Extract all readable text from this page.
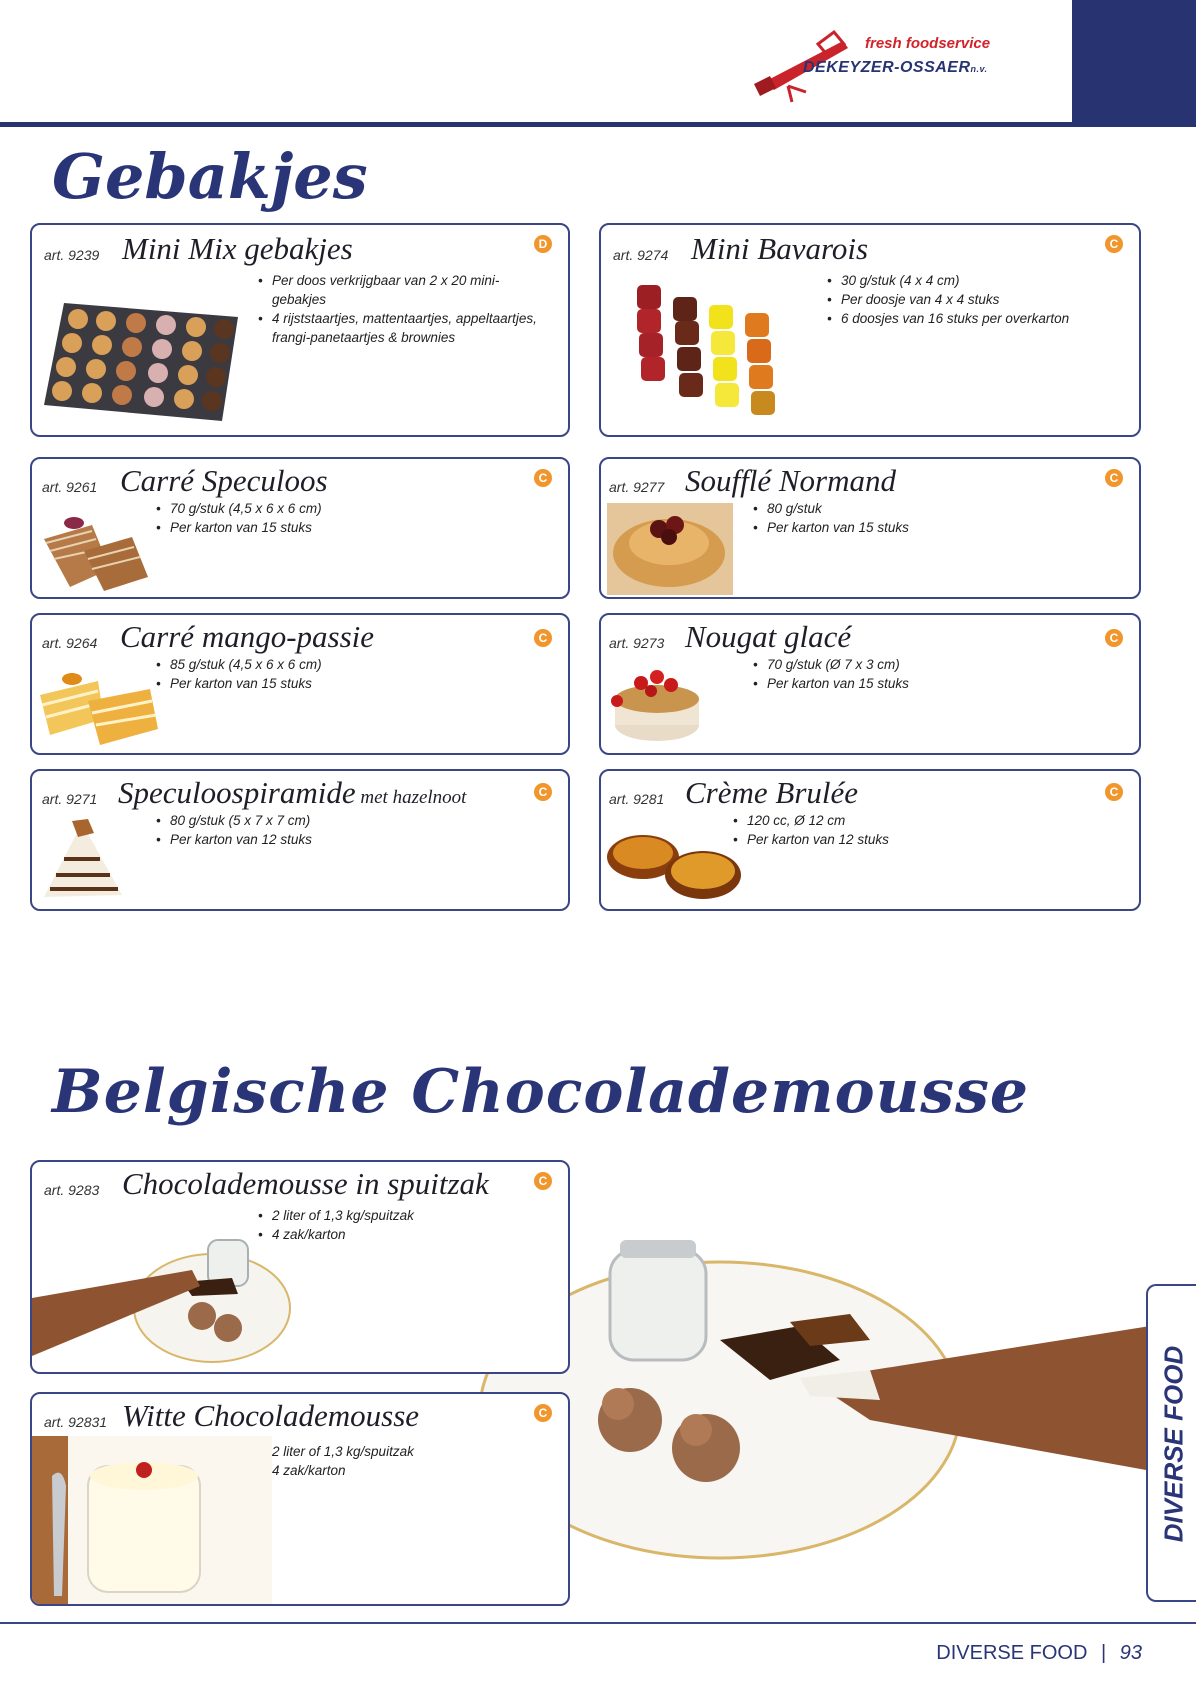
fresh foodservice
DEKEYZER-OSSAERn.v.
Gebakjes
art. 9239 Mini Mix gebakjes	D
• Per doos verkrijgbaar van 2 x 20 mini-gebakjes
• 4 rijststaartjes, mattentaartjes, appeltaartjes, frangi-panetaartjes & brownies
art. 9274 Mini Bavarois	C
• 30 g/stuk (4 x 4 cm)
• Per doosje van 4 x 4 stuks
• 6 doosjes van 16 stuks per overkarton
art. 9261 Carré Speculoos	C
• 70 g/stuk (4,5 x 6 x 6 cm)
• Per karton van 15 stuks
art. 9277 Soufflé Normand	C
• 80 g/stuk
• Per karton van 15 stuks
art. 9264 Carré mango-passie	C
• 85 g/stuk (4,5 x 6 x 6 cm)
• Per karton van 15 stuks
art. 9273 Nougat glacé	C
• 70 g/stuk (Ø 7 x 3 cm)
• Per karton van 15 stuks
art. 9271 Speculoospiramide met hazelnoot	C
• 80 g/stuk (5 x 7 x 7 cm)
• Per karton van 12 stuks
art. 9281 Crème Brulée	C
• 120 cc, Ø 12 cm
• Per karton van 12 stuks
Belgische Chocolademousse
art. 9283 Chocolademousse in spuitzak	C
• 2 liter of 1,3 kg/spuitzak
• 4 zak/karton
art. 92831 Witte Chocolademousse	C
• 2 liter of 1,3 kg/spuitzak
• 4 zak/karton	DIVERSE FOOD
DIVERSE FOOD | 93
